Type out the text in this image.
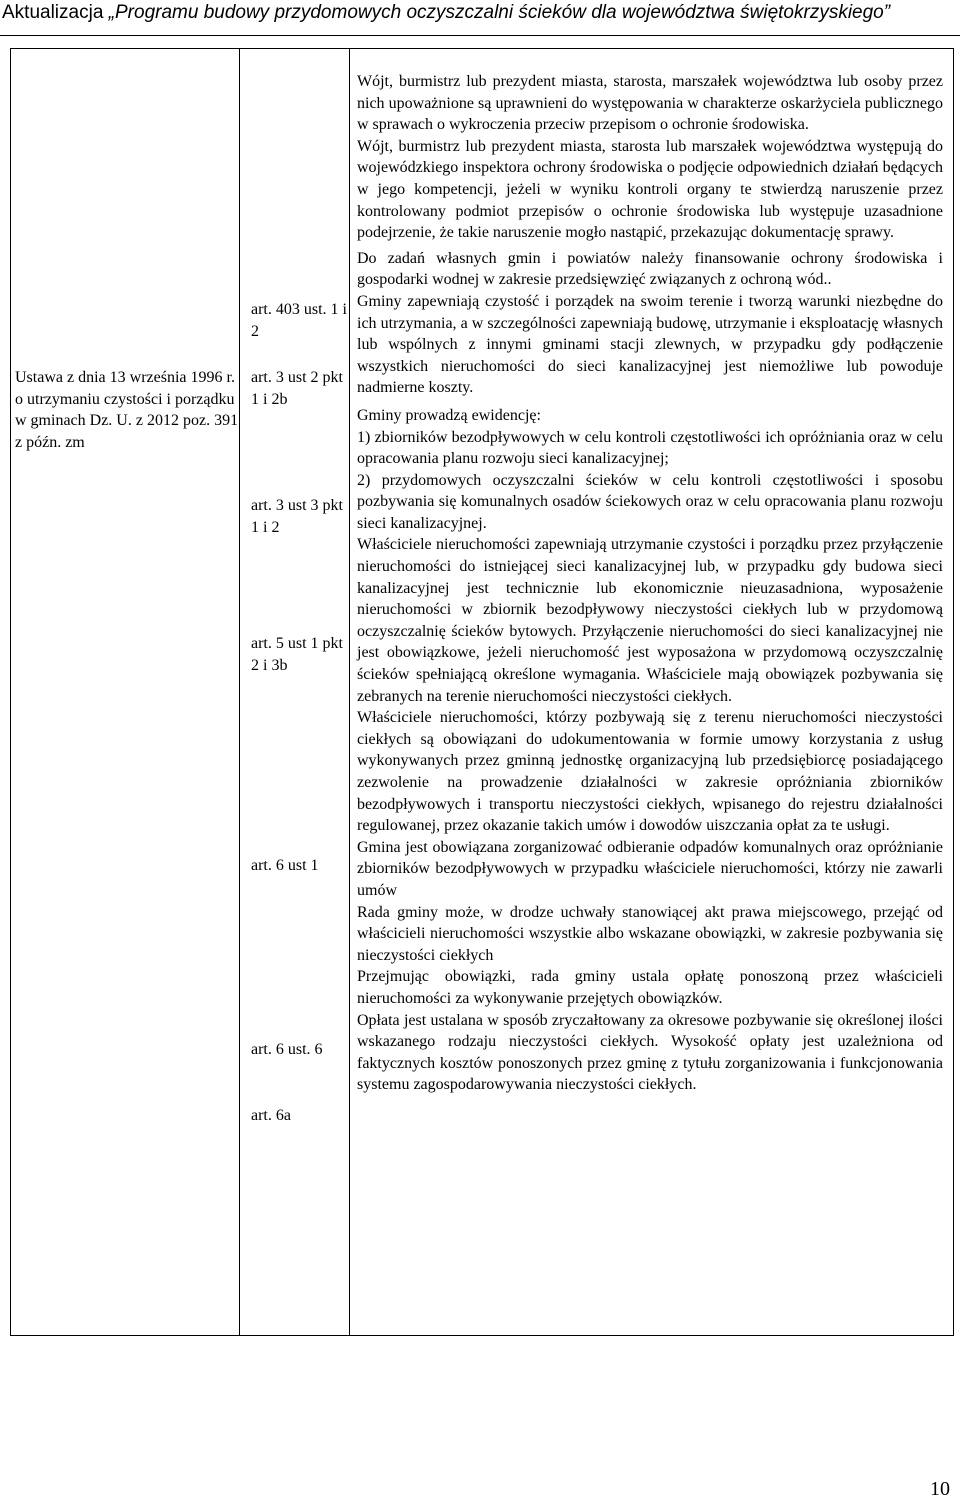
Aktualizacja „Programu budowy przydomowych oczyszczalni ścieków dla województwa świętokrzyskiego”
Ustawa z dnia 13 września 1996 r. o utrzymaniu czystości i porządku w gminach Dz. U. z 2012 poz. 391 z późn. zm
art. 403 ust. 1 i 2
art. 3 ust 2 pkt 1 i 2b
art. 3 ust 3 pkt 1 i 2
art. 5 ust 1 pkt 2 i 3b
art. 6 ust 1
art. 6 ust. 6
art. 6a
Wójt, burmistrz lub prezydent miasta, starosta, marszałek województwa lub osoby przez nich upoważnione są uprawnieni do występowania w charakterze oskarżyciela publicznego w sprawach o wykroczenia przeciw przepisom o ochronie środowiska.
Wójt, burmistrz lub prezydent miasta, starosta lub marszałek województwa występują do wojewódzkiego inspektora ochrony środowiska o podjęcie odpowiednich działań będących w jego kompetencji, jeżeli w wyniku kontroli organy te stwierdzą naruszenie przez kontrolowany podmiot przepisów o ochronie środowiska lub występuje uzasadnione podejrzenie, że takie naruszenie mogło nastąpić, przekazując dokumentację sprawy.
Do zadań własnych gmin i powiatów należy finansowanie ochrony środowiska i gospodarki wodnej w zakresie przedsięwzięć związanych z ochroną wód..
Gminy zapewniają czystość i porządek na swoim terenie i tworzą warunki niezbędne do ich utrzymania, a w szczególności zapewniają budowę, utrzymanie i eksploatację własnych lub wspólnych z innymi gminami stacji zlewnych, w przypadku gdy podłączenie wszystkich nieruchomości do sieci kanalizacyjnej jest niemożliwe lub powoduje nadmierne koszty.
Gminy prowadzą ewidencję:
1) zbiorników bezodpływowych w celu kontroli częstotliwości ich opróżniania oraz w celu opracowania planu rozwoju sieci kanalizacyjnej;
2) przydomowych oczyszczalni ścieków w celu kontroli częstotliwości i sposobu pozbywania się komunalnych osadów ściekowych oraz w celu opracowania planu rozwoju sieci kanalizacyjnej.
Właściciele nieruchomości zapewniają utrzymanie czystości i porządku przez przyłączenie nieruchomości do istniejącej sieci kanalizacyjnej lub, w przypadku gdy budowa sieci kanalizacyjnej jest technicznie lub ekonomicznie nieuzasadniona, wyposażenie nieruchomości w zbiornik bezodpływowy nieczystości ciekłych lub w przydomową oczyszczalnię ścieków bytowych. Przyłączenie nieruchomości do sieci kanalizacyjnej nie jest obowiązkowe, jeżeli nieruchomość jest wyposażona w przydomową oczyszczalnię ścieków spełniającą określone wymagania. Właściciele mają obowiązek pozbywania się zebranych na terenie nieruchomości nieczystości ciekłych.
Właściciele nieruchomości, którzy pozbywają się z terenu nieruchomości nieczystości ciekłych są obowiązani do udokumentowania w formie umowy korzystania z usług wykonywanych przez gminną jednostkę organizacyjną lub przedsiębiorcę posiadającego zezwolenie na prowadzenie działalności w zakresie opróżniania zbiorników bezodpływowych i transportu nieczystości ciekłych, wpisanego do rejestru działalności regulowanej, przez okazanie takich umów i dowodów uiszczania opłat za te usługi.
Gmina jest obowiązana zorganizować odbieranie odpadów komunalnych oraz opróżnianie zbiorników bezodpływowych w przypadku właściciele nieruchomości, którzy nie zawarli umów
Rada gminy może, w drodze uchwały stanowiącej akt prawa miejscowego, przejąć od właścicieli nieruchomości wszystkie albo wskazane obowiązki, w zakresie pozbywania się nieczystości ciekłych
Przejmując obowiązki, rada gminy ustala opłatę ponoszoną przez właścicieli nieruchomości za wykonywanie przejętych obowiązków.
Opłata jest ustalana w sposób zryczałtowany za okresowe pozbywanie się określonej ilości wskazanego rodzaju nieczystości ciekłych. Wysokość opłaty jest uzależniona od faktycznych kosztów ponoszonych przez gminę z tytułu zorganizowania i funkcjonowania systemu zagospodarowywania nieczystości ciekłych.
10
